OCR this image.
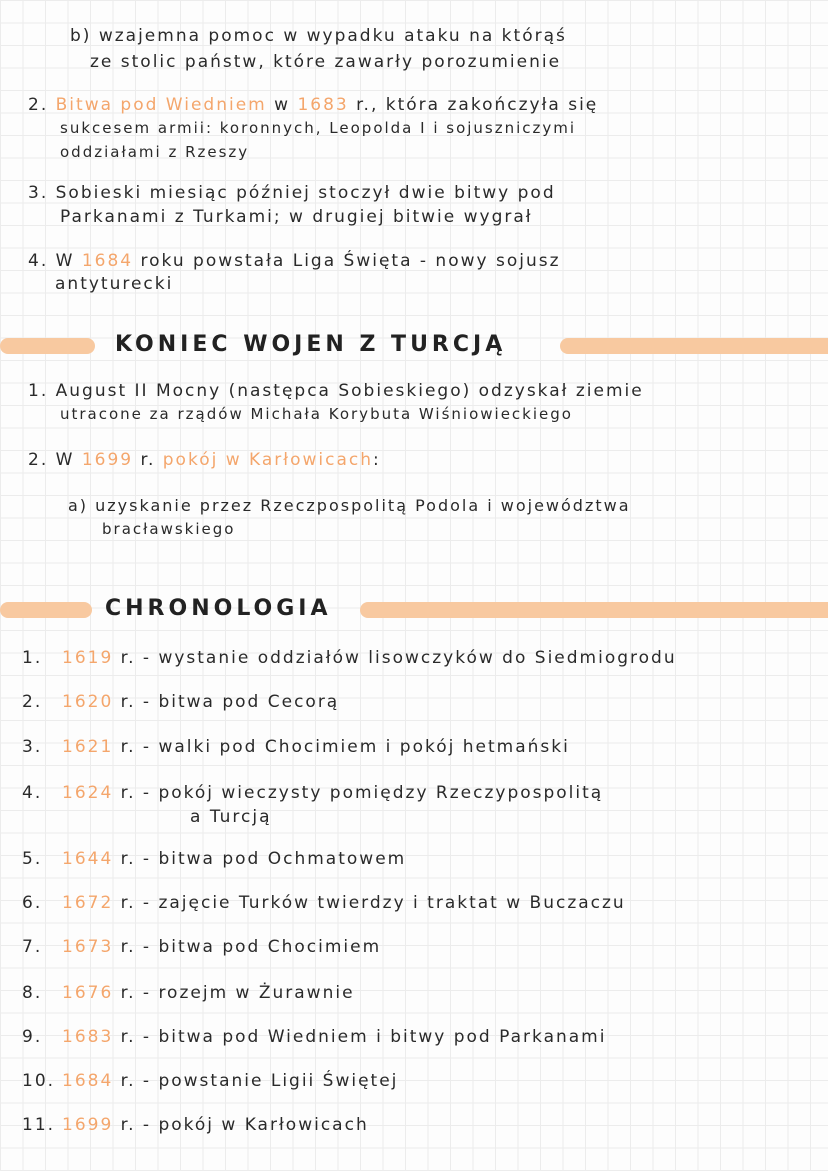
b) wzajemna pomoc w wypadku ataku na którąś
ze stolic państw, które zawarły porozumienie
2. Bitwa pod Wiedniem w 1683 r., która zakończyła się
sukcesem armii: koronnych, Leopolda I i sojuszniczymi
oddziałami z Rzeszy
3. Sobieski miesiąc później stoczył dwie bitwy pod
Parkanami z Turkami; w drugiej bitwie wygrał
4. W 1684 roku powstała Liga Święta - nowy sojusz
antyturecki
KONIEC WOJEN Z TURCJĄ
1. August II Mocny (następca Sobieskiego) odzyskał ziemie
utracone za rządów Michała Korybuta Wiśniowieckiego
2. W 1699 r. pokój w Karłowicach:
a) uzyskanie przez Rzeczpospolitą Podola i województwa
bracławskiego
CHRONOLOGIA
1. 1619 r. - wystanie oddziałów lisowczyków do Siedmiogrodu
2. 1620 r. - bitwa pod Cecorą
3. 1621 r. - walki pod Chocimiem i pokój hetmański
4. 1624 r. - pokój wieczysty pomiędzy Rzeczypospolitą
a Turcją
5. 1644 r. - bitwa pod Ochmatowem
6. 1672 r. - zajęcie Turków twierdzy i traktat w Buczaczu
7. 1673 r. - bitwa pod Chocimiem
8. 1676 r. - rozejm w Żurawnie
9. 1683 r. - bitwa pod Wiedniem i bitwy pod Parkanami
10. 1684 r. - powstanie Ligii Świętej
11. 1699 r. - pokój w Karłowicach
